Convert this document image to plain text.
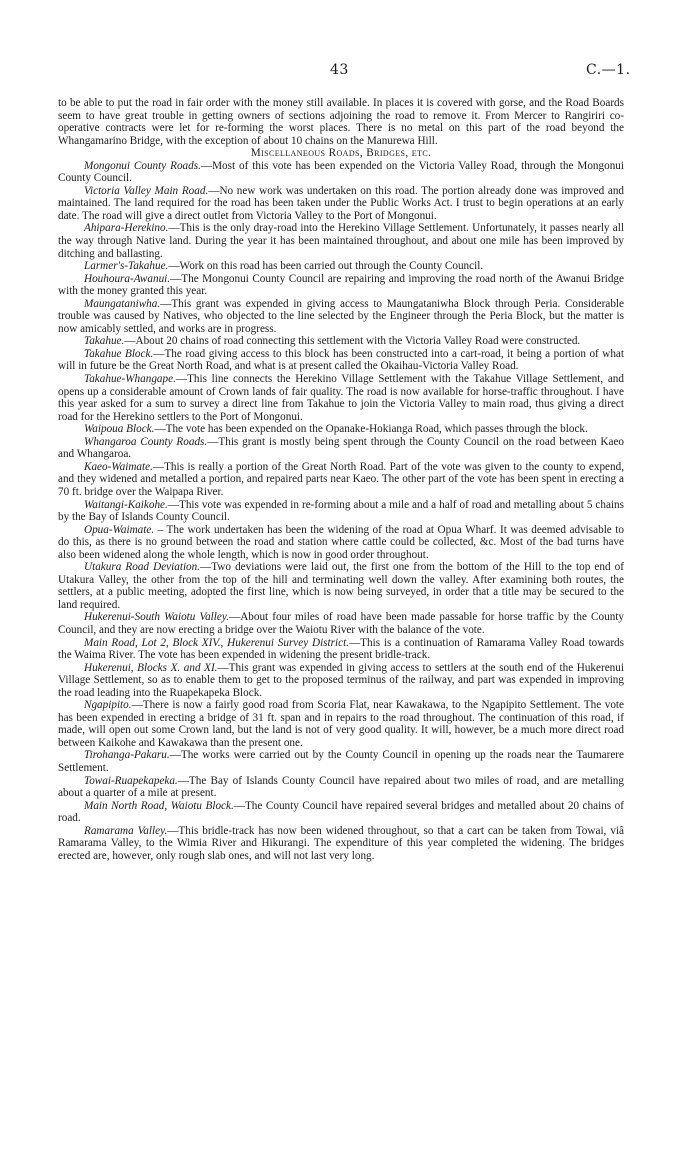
43	C.—1.

to be able to put the road in fair order with the money still available. In places it is covered with gorse, and the Road Boards seem to have great trouble in getting owners of sections adjoining the road to remove it. From Mercer to Rangiriri co-operative contracts were let for re-forming the worst places. There is no metal on this part of the road beyond the Whangamarino Bridge, with the exception of about 10 chains on the Manurewa Hill.

Miscellaneous Roads, Bridges, etc.

Mongonui County Roads.—Most of this vote has been expended on the Victoria Valley Road, through the Mongonui County Council.

Victoria Valley Main Road.—No new work was undertaken on this road. The portion already done was improved and maintained. The land required for the road has been taken under the Public Works Act. I trust to begin operations at an early date. The road will give a direct outlet from Victoria Valley to the Port of Mongonui.

Ahipara-Herekino.—This is the only dray-road into the Herekino Village Settlement. Unfortunately, it passes nearly all the way through Native land. During the year it has been maintained throughout, and about one mile has been improved by ditching and ballasting.

Larmer's-Takahue.—Work on this road has been carried out through the County Council.

Houhoura-Awanui.—The Mongonui County Council are repairing and improving the road north of the Awanui Bridge with the money granted this year.

Maungataniwha.—This grant was expended in giving access to Maungataniwha Block through Peria. Considerable trouble was caused by Natives, who objected to the line selected by the Engineer through the Peria Block, but the matter is now amicably settled, and works are in progress.

Takahue.—About 20 chains of road connecting this settlement with the Victoria Valley Road were constructed.

Takahue Block.—The road giving access to this block has been constructed into a cart-road, it being a portion of what will in future be the Great North Road, and what is at present called the Okaihau-Victoria Valley Road.

Takahue-Whangape.—This line connects the Herekino Village Settlement with the Takahue Village Settlement, and opens up a considerable amount of Crown lands of fair quality. The road is now available for horse-traffic throughout. I have this year asked for a sum to survey a direct line from Takahue to join the Victoria Valley to main road, thus giving a direct road for the Herekino settlers to the Port of Mongonui.

Waipoua Block.—The vote has been expended on the Opanake-Hokianga Road, which passes through the block.

Whangaroa County Roads.—This grant is mostly being spent through the County Council on the road between Kaeo and Whangaroa.

Kaeo-Waimate.—This is really a portion of the Great North Road. Part of the vote was given to the county to expend, and they widened and metalled a portion, and repaired parts near Kaeo. The other part of the vote has been spent in erecting a 70 ft. bridge over the Waipapa River.

Waitangi-Kaikohe.—This vote was expended in re-forming about a mile and a half of road and metalling about 5 chains by the Bay of Islands County Council.

Opua-Waimate. – The work undertaken has been the widening of the road at Opua Wharf. It was deemed advisable to do this, as there is no ground between the road and station where cattle could be collected, &c. Most of the bad turns have also been widened along the whole length, which is now in good order throughout.

Utakura Road Deviation.—Two deviations were laid out, the first one from the bottom of the Hill to the top end of Utakura Valley, the other from the top of the hill and terminating well down the valley. After examining both routes, the settlers, at a public meeting, adopted the first line, which is now being surveyed, in order that a title may be secured to the land required.

Hukerenui-South Waiotu Valley.—About four miles of road have been made passable for horse traffic by the County Council, and they are now erecting a bridge over the Waiotu River with the balance of the vote.

Main Road, Lot 2, Block XIV., Hukerenui Survey District.—This is a continuation of Ramarama Valley Road towards the Waima River. The vote has been expended in widening the present bridle-track.

Hukerenui, Blocks X. and XI.—This grant was expended in giving access to settlers at the south end of the Hukerenui Village Settlement, so as to enable them to get to the proposed terminus of the railway, and part was expended in improving the road leading into the Ruapekapeka Block.

Ngapipito.—There is now a fairly good road from Scoria Flat, near Kawakawa, to the Ngapipito Settlement. The vote has been expended in erecting a bridge of 31 ft. span and in repairs to the road throughout. The continuation of this road, if made, will open out some Crown land, but the land is not of very good quality. It will, however, be a much more direct road between Kaikohe and Kawakawa than the present one.

Tirohanga-Pakaru.—The works were carried out by the County Council in opening up the roads near the Taumarere Settlement.

Towai-Ruapekapeka.—The Bay of Islands County Council have repaired about two miles of road, and are metalling about a quarter of a mile at present.

Main North Road, Waiotu Block.—The County Council have repaired several bridges and metalled about 20 chains of road.

Ramarama Valley.—This bridle-track has now been widened throughout, so that a cart can be taken from Towai, viâ Ramarama Valley, to the Wimia River and Hikurangi. The expenditure of this year completed the widening. The bridges erected are, however, only rough slab ones, and will not last very long.
